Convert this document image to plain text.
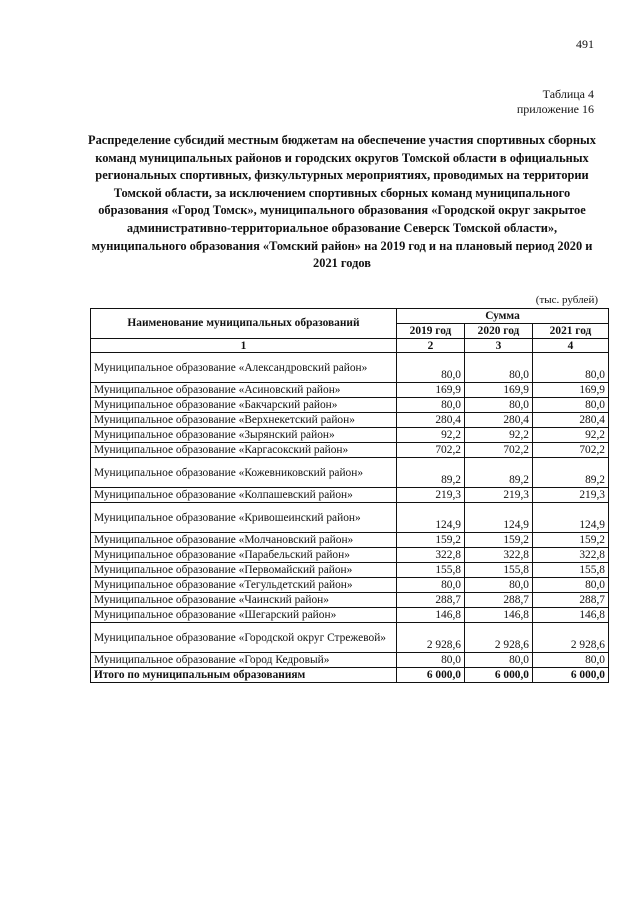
491
Таблица 4
приложение 16
Распределение субсидий местным бюджетам на обеспечение участия спортивных сборных команд муниципальных районов и городских округов Томской области в официальных региональных спортивных, физкультурных мероприятиях, проводимых на территории Томской области, за исключением спортивных сборных команд муниципального образования «Город Томск», муниципального образования «Городской округ закрытое административно-территориальное образование Северск Томской области», муниципального образования «Томский район» на 2019 год и на плановый период 2020 и 2021 годов
(тыс. рублей)
Наименование муниципальных образований	Сумма		
	2019 год	2020 год	2021 год
1	2	3	4
Муниципальное образование «Александровский район»	80,0	80,0	80,0
Муниципальное образование «Асиновский район»	169,9	169,9	169,9
Муниципальное образование «Бакчарский район»	80,0	80,0	80,0
Муниципальное образование «Верхнекетский район»	280,4	280,4	280,4
Муниципальное образование «Зырянский район»	92,2	92,2	92,2
Муниципальное образование «Каргасокский район»	702,2	702,2	702,2
Муниципальное образование «Кожевниковский район»	89,2	89,2	89,2
Муниципальное образование «Колпашевский район»	219,3	219,3	219,3
Муниципальное образование «Кривошеинский район»	124,9	124,9	124,9
Муниципальное образование «Молчановский район»	159,2	159,2	159,2
Муниципальное образование «Парабельский район»	322,8	322,8	322,8
Муниципальное образование «Первомайский район»	155,8	155,8	155,8
Муниципальное образование «Тегульдетский район»	80,0	80,0	80,0
Муниципальное образование «Чаинский район»	288,7	288,7	288,7
Муниципальное образование «Шегарский район»	146,8	146,8	146,8
Муниципальное образование «Городской округ Стрежевой»	2 928,6	2 928,6	2 928,6
Муниципальное образование «Город Кедровый»	80,0	80,0	80,0
Итого по муниципальным образованиям	6 000,0	6 000,0	6 000,0
